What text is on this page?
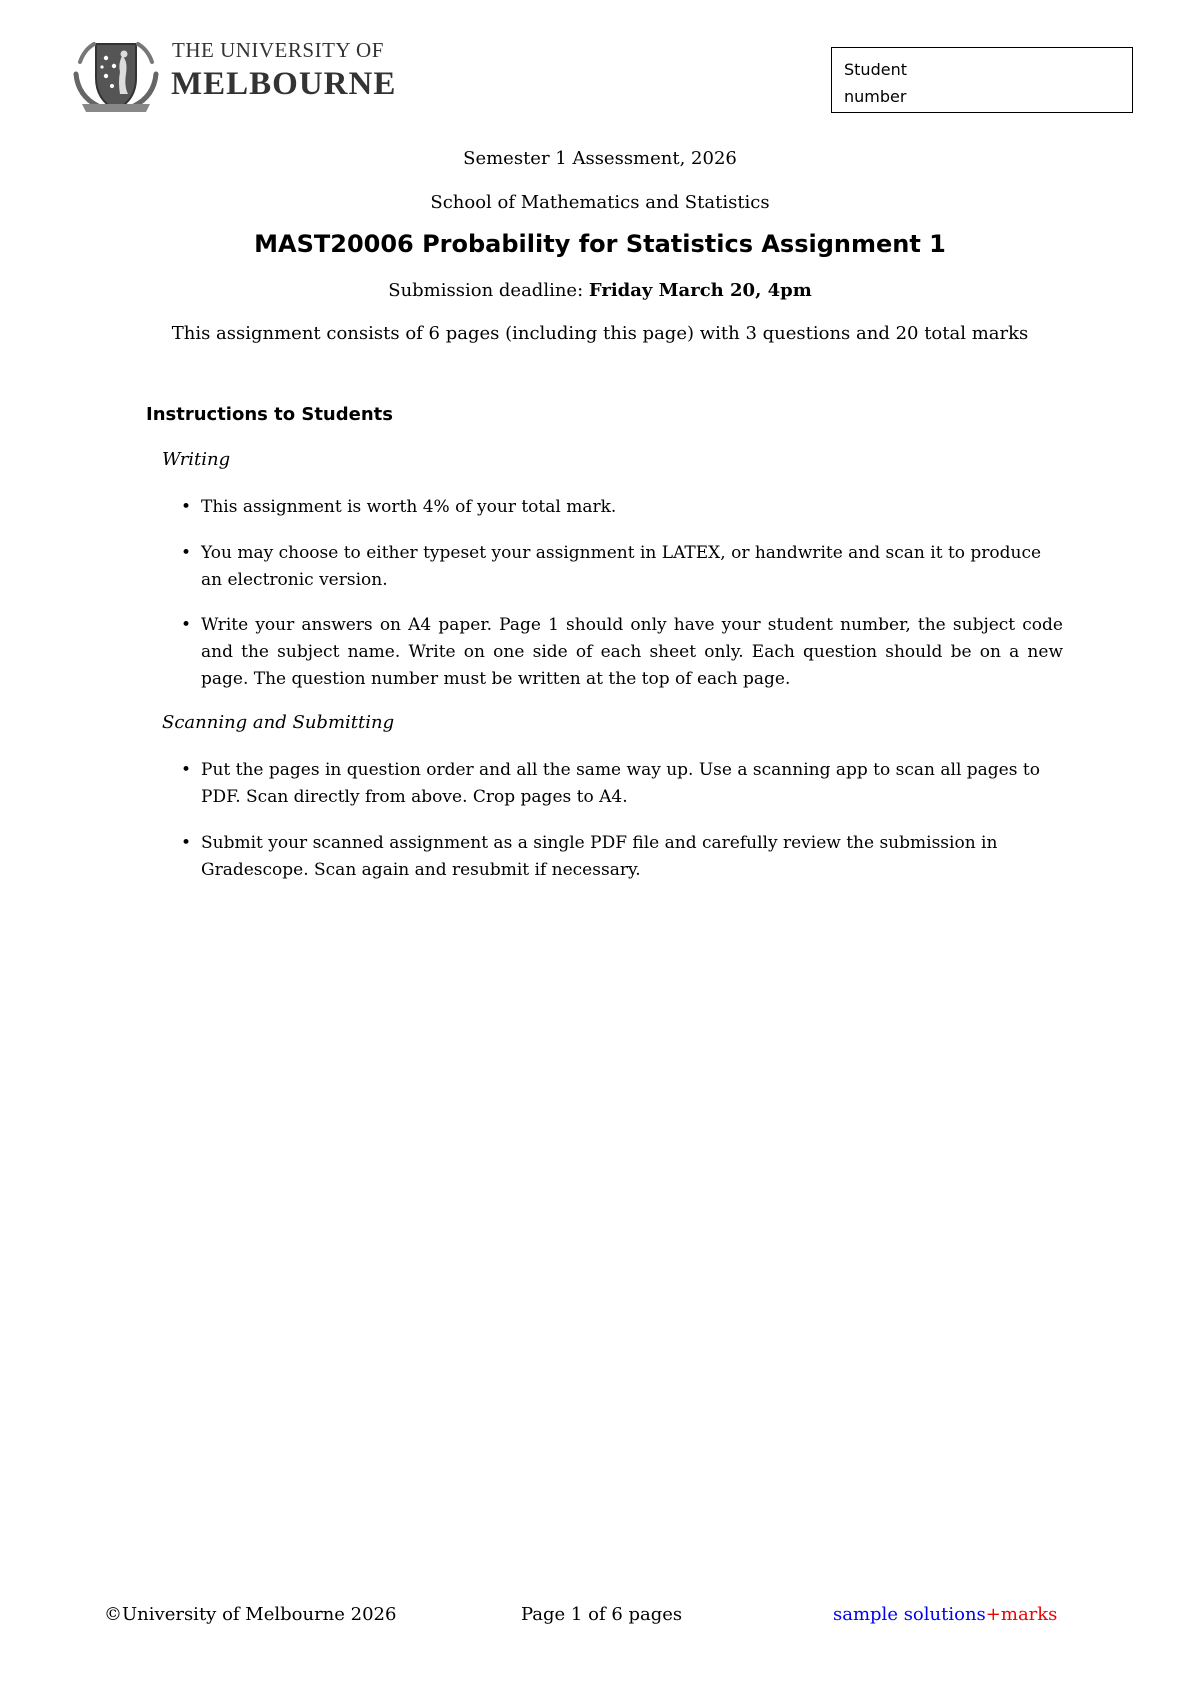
THE UNIVERSITY OF
MELBOURNE	Student number
Semester 1 Assessment, 2026
School of Mathematics and Statistics
MAST20006 Probability for Statistics Assignment 1
Submission deadline: Friday March 20, 4pm
This assignment consists of 6 pages (including this page) with 3 questions and 20 total marks
Instructions to Students
Writing
• This assignment is worth 4% of your total mark.
• You may choose to either typeset your assignment in LATEX, or handwrite and scan it to produce an electronic version.
• Write your answers on A4 paper. Page 1 should only have your student number, the subject code and the subject name. Write on one side of each sheet only. Each question should be on a new page. The question number must be written at the top of each page.
Scanning and Submitting
• Put the pages in question order and all the same way up. Use a scanning app to scan all pages to PDF. Scan directly from above. Crop pages to A4.
• Submit your scanned assignment as a single PDF file and carefully review the submission in Gradescope. Scan again and resubmit if necessary.
©University of Melbourne 2026	Page 1 of 6 pages	sample solutions+marks
